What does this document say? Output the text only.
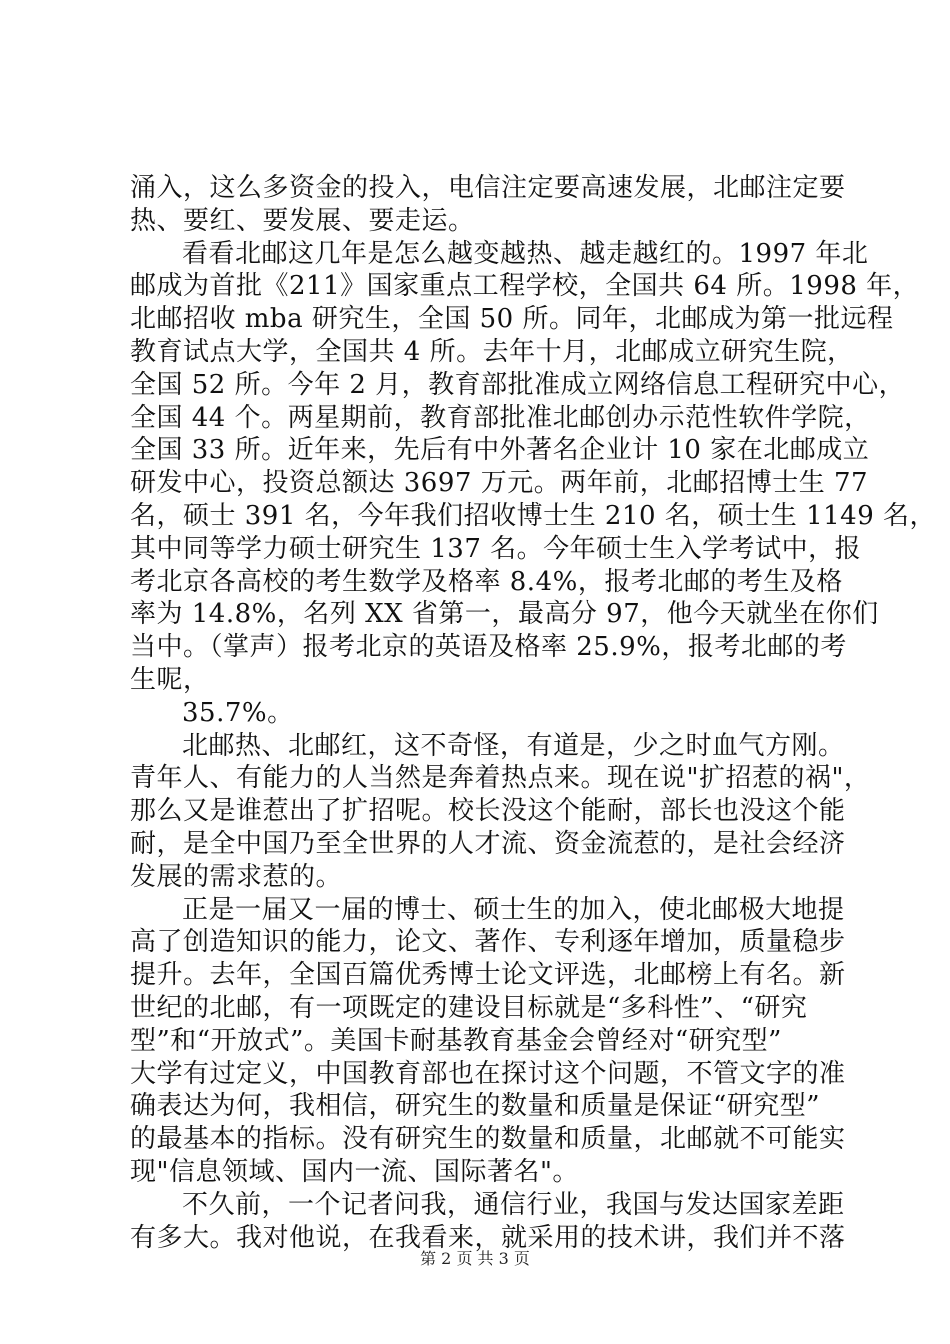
涌入，这么多资金的投入，电信注定要高速发展，北邮注定要
热、要红、要发展、要走运。
看看北邮这几年是怎么越变越热、越走越红的。1997 年北
邮成为首批《211》国家重点工程学校，全国共 64 所。1998 年，
北邮招收 mba 研究生，全国 50 所。同年，北邮成为第一批远程
教育试点大学，全国共 4 所。去年十月，北邮成立研究生院，
全国 52 所。今年 2 月，教育部批准成立网络信息工程研究中心，
全国 44 个。两星期前，教育部批准北邮创办示范性软件学院，
全国 33 所。近年来，先后有中外著名企业计 10 家在北邮成立
研发中心，投资总额达 3697 万元。两年前，北邮招博士生 77
名，硕士 391 名，今年我们招收博士生 210 名，硕士生 1149 名，
其中同等学力硕士研究生 137 名。今年硕士生入学考试中，报
考北京各高校的考生数学及格率 8.4%，报考北邮的考生及格
率为 14.8%，名列 XX 省第一，最高分 97，他今天就坐在你们
当中。（掌声）报考北京的英语及格率 25.9%，报考北邮的考
生呢，
35.7%。
北邮热、北邮红，这不奇怪，有道是，少之时血气方刚。
青年人、有能力的人当然是奔着热点来。现在说"扩招惹的祸"，
那么又是谁惹出了扩招呢。校长没这个能耐，部长也没这个能
耐，是全中国乃至全世界的人才流、资金流惹的，是社会经济
发展的需求惹的。
正是一届又一届的博士、硕士生的加入，使北邮极大地提
高了创造知识的能力，论文、著作、专利逐年增加，质量稳步
提升。去年，全国百篇优秀博士论文评选，北邮榜上有名。新
世纪的北邮，有一项既定的建设目标就是“多科性”、“研究
型”和“开放式”。美国卡耐基教育基金会曾经对“研究型”
大学有过定义，中国教育部也在探讨这个问题，不管文字的准
确表达为何，我相信，研究生的数量和质量是保证“研究型”
的最基本的指标。没有研究生的数量和质量，北邮就不可能实
现"信息领域、国内一流、国际著名"。
不久前，一个记者问我，通信行业，我国与发达国家差距
有多大。我对他说，在我看来，就采用的技术讲，我们并不落
第 2 页 共 3 页
